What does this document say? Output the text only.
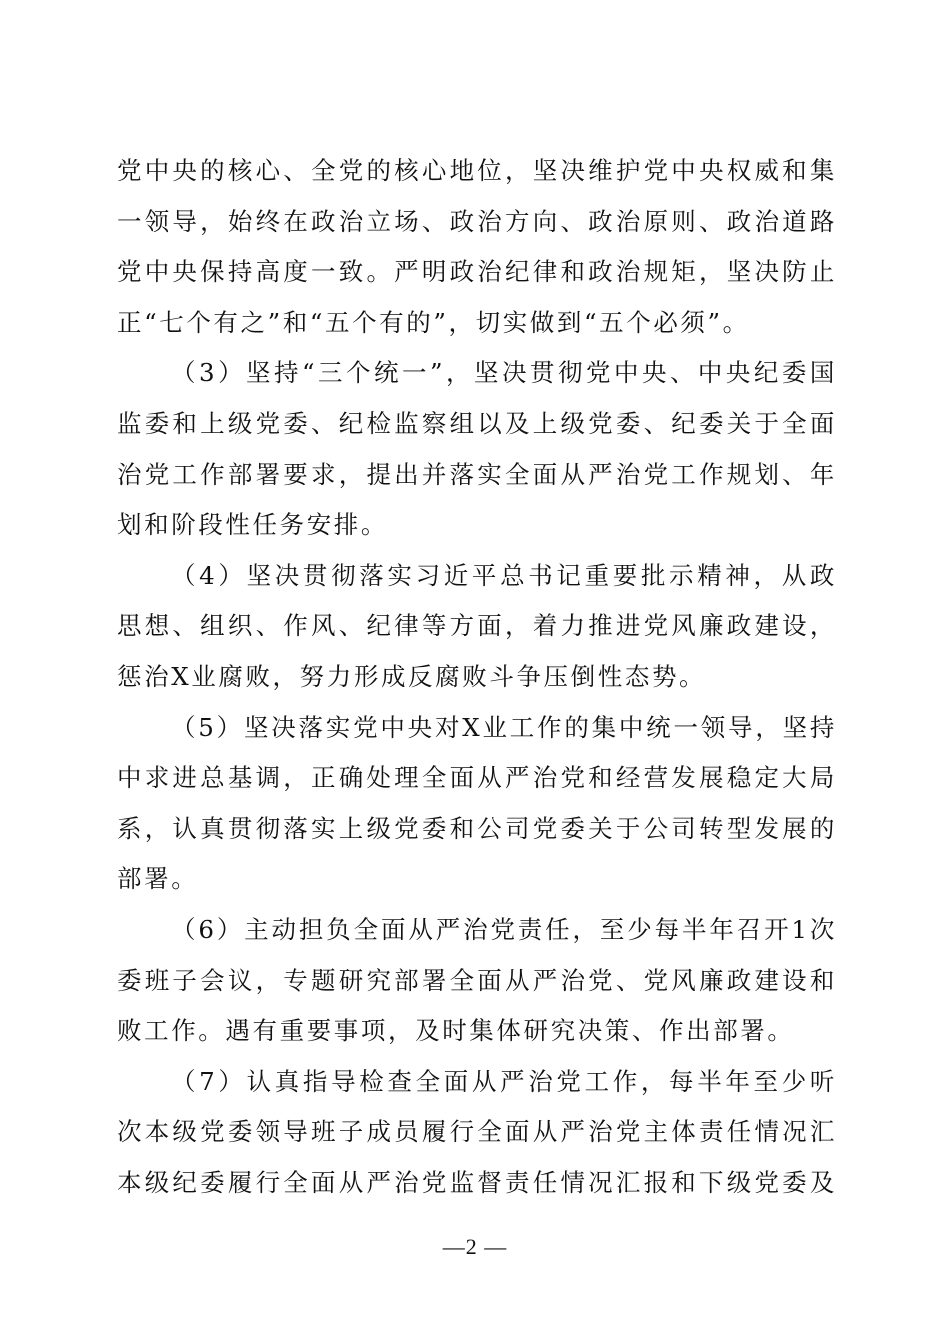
党中央的核心、全党的核心地位，坚决维护党中央权威和集
一领导，始终在政治立场、政治方向、政治原则、政治道路
党中央保持高度一致。严明政治纪律和政治规矩，坚决防止
正“七个有之”和“五个有的”，切实做到“五个必须”。
（3）坚持“三个统一”，坚决贯彻党中央、中央纪委国
监委和上级党委、纪检监察组以及上级党委、纪委关于全面
治党工作部署要求，提出并落实全面从严治党工作规划、年
划和阶段性任务安排。
（4）坚决贯彻落实习近平总书记重要批示精神，从政
思想、组织、作风、纪律等方面，着力推进党风廉政建设，
惩治X业腐败，努力形成反腐败斗争压倒性态势。
（5）坚决落实党中央对X业工作的集中统一领导，坚持
中求进总基调，正确处理全面从严治党和经营发展稳定大局
系，认真贯彻落实上级党委和公司党委关于公司转型发展的
部署。
（6）主动担负全面从严治党责任，至少每半年召开1次
委班子会议，专题研究部署全面从严治党、党风廉政建设和
败工作。遇有重要事项，及时集体研究决策、作出部署。
（7）认真指导检查全面从严治党工作，每半年至少听
次本级党委领导班子成员履行全面从严治党主体责任情况汇
本级纪委履行全面从严治党监督责任情况汇报和下级党委及
—2 —
